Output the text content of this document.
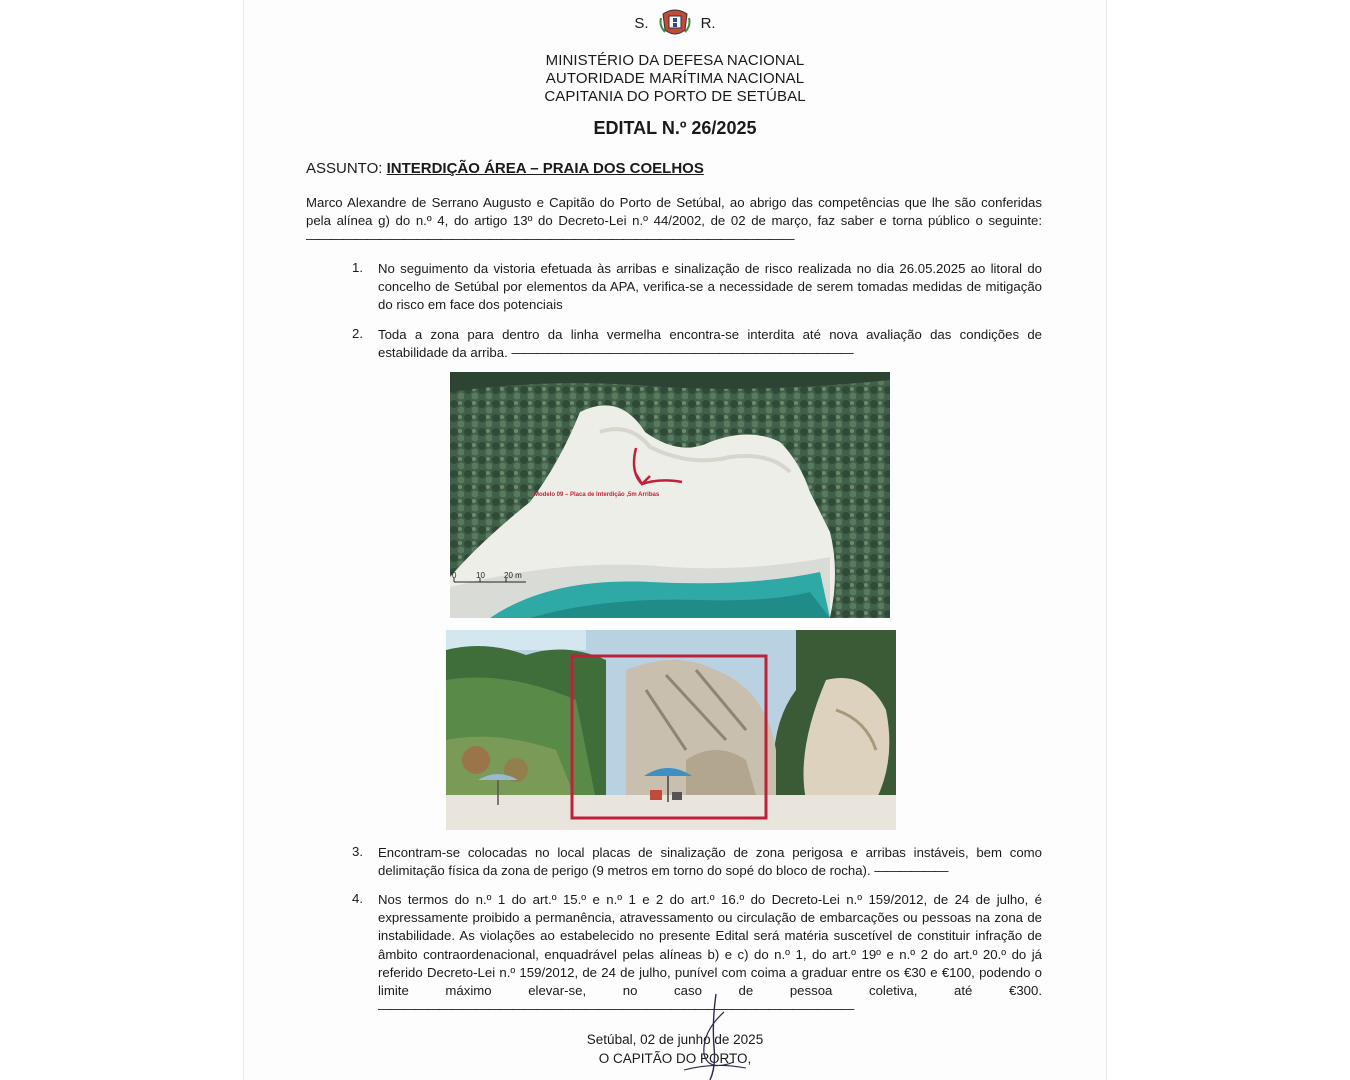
S.	R.
MINISTÉRIO DA DEFESA NACIONAL
AUTORIDADE MARÍTIMA NACIONAL
CAPITANIA DO PORTO DE SETÚBAL
EDITAL N.º 26/2025
ASSUNTO: INTERDIÇÃO ÁREA – PRAIA DOS COELHOS
Marco Alexandre de Serrano Augusto e Capitão do Porto de Setúbal, ao abrigo das competências que lhe são conferidas pela alínea g) do n.º 4, do artigo 13º do Decreto-Lei n.º 44/2002, de 02 de março, faz saber e torna público o seguinte: ————————————————————————————————————————
1. No seguimento da vistoria efetuada às arribas e sinalização de risco realizada no dia 26.05.2025 ao litoral do concelho de Setúbal por elementos da APA, verifica-se a necessidade de serem tomadas medidas de mitigação do risco em face dos potenciais
2. Toda a zona para dentro da linha vermelha encontra-se interdita até nova avaliação das condições de estabilidade da arriba. ————————————————————————————
Modelo 09 – Placa de Interdição ,5m Arribas
0 10 20 m
3. Encontram-se colocadas no local placas de sinalização de zona perigosa e arribas instáveis, bem como delimitação física da zona de perigo (9 metros em torno do sopé do bloco de rocha). ——————
4. Nos termos do n.º 1 do art.º 15.º e n.º 1 e 2 do art.º 16.º do Decreto-Lei n.º 159/2012, de 24 de julho, é expressamente proibido a permanência, atravessamento ou circulação de embarcações ou pessoas na zona de instabilidade. As violações ao estabelecido no presente Edital será matéria suscetível de constituir infração de âmbito contraordenacional, enquadrável pelas alíneas b) e c) do n.º 1, do art.º 19º e n.º 2 do art.º 20.º do já referido Decreto-Lei n.º 159/2012, de 24 de julho, punível com coima a graduar entre os €30 e €100, podendo o limite máximo elevar-se, no caso de pessoa coletiva, até €300. ———————————————————————————————————————
Setúbal, 02 de junho de 2025
O CAPITÃO DO PORTO,
